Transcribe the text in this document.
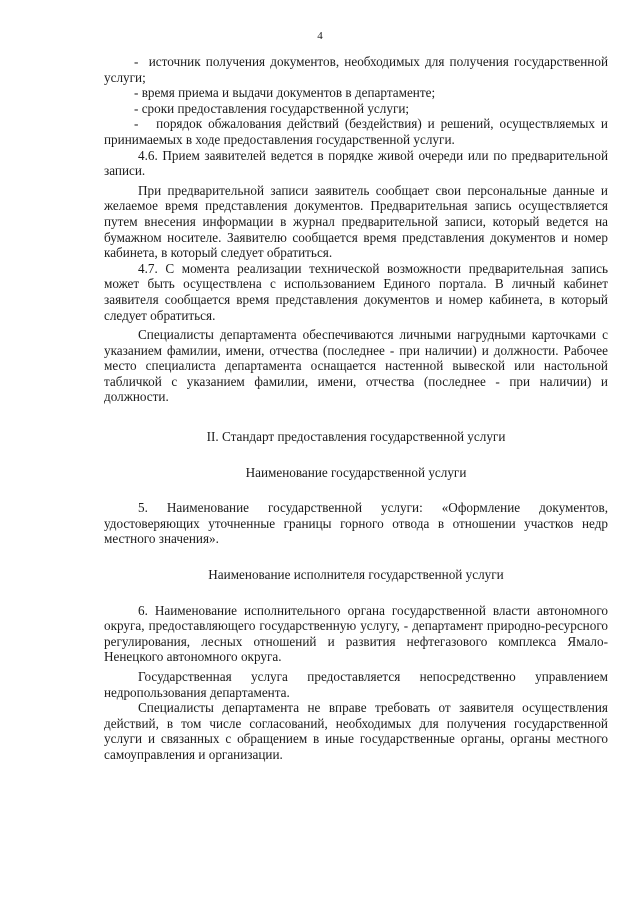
4

-  источник получения документов, необходимых для получения государственной услуги;

- время приема и выдачи документов в департаменте;

- сроки предоставления государственной услуги;

-   порядок обжалования действий (бездействия) и решений, осуществляемых и принимаемых в ходе предоставления государственной услуги.

4.6. Прием заявителей ведется в порядке живой очереди или по предварительной записи.

При предварительной записи заявитель сообщает свои персональные данные и желаемое время представления документов. Предварительная запись осуществляется путем внесения информации в журнал предварительной записи, который ведется на бумажном носителе. Заявителю сообщается время представления документов и номер кабинета, в который следует обратиться.

4.7. С момента реализации технической возможности предварительная запись может быть осуществлена с использованием Единого портала. В личный кабинет заявителя сообщается время представления документов и номер кабинета, в который следует обратиться.

Специалисты департамента обеспечиваются личными нагрудными карточками с указанием фамилии, имени, отчества (последнее - при наличии) и должности. Рабочее место специалиста департамента оснащается настенной вывеской или настольной табличкой с указанием фамилии, имени, отчества (последнее - при наличии) и должности.

II. Стандарт предоставления государственной услуги

Наименование государственной услуги

5. Наименование государственной услуги: «Оформление документов, удостоверяющих уточненные границы горного отвода в отношении участков недр местного значения».

Наименование исполнителя государственной услуги

6. Наименование исполнительного органа государственной власти автономного округа, предоставляющего государственную услугу, - департамент природно-ресурсного регулирования, лесных отношений и развития нефтегазового комплекса Ямало-Ненецкого автономного округа.

Государственная услуга предоставляется непосредственно управлением недропользования департамента.

Специалисты департамента не вправе требовать от заявителя осуществления действий, в том числе согласований, необходимых для получения государственной услуги и связанных с обращением в иные государственные органы, органы местного самоуправления и организации.
